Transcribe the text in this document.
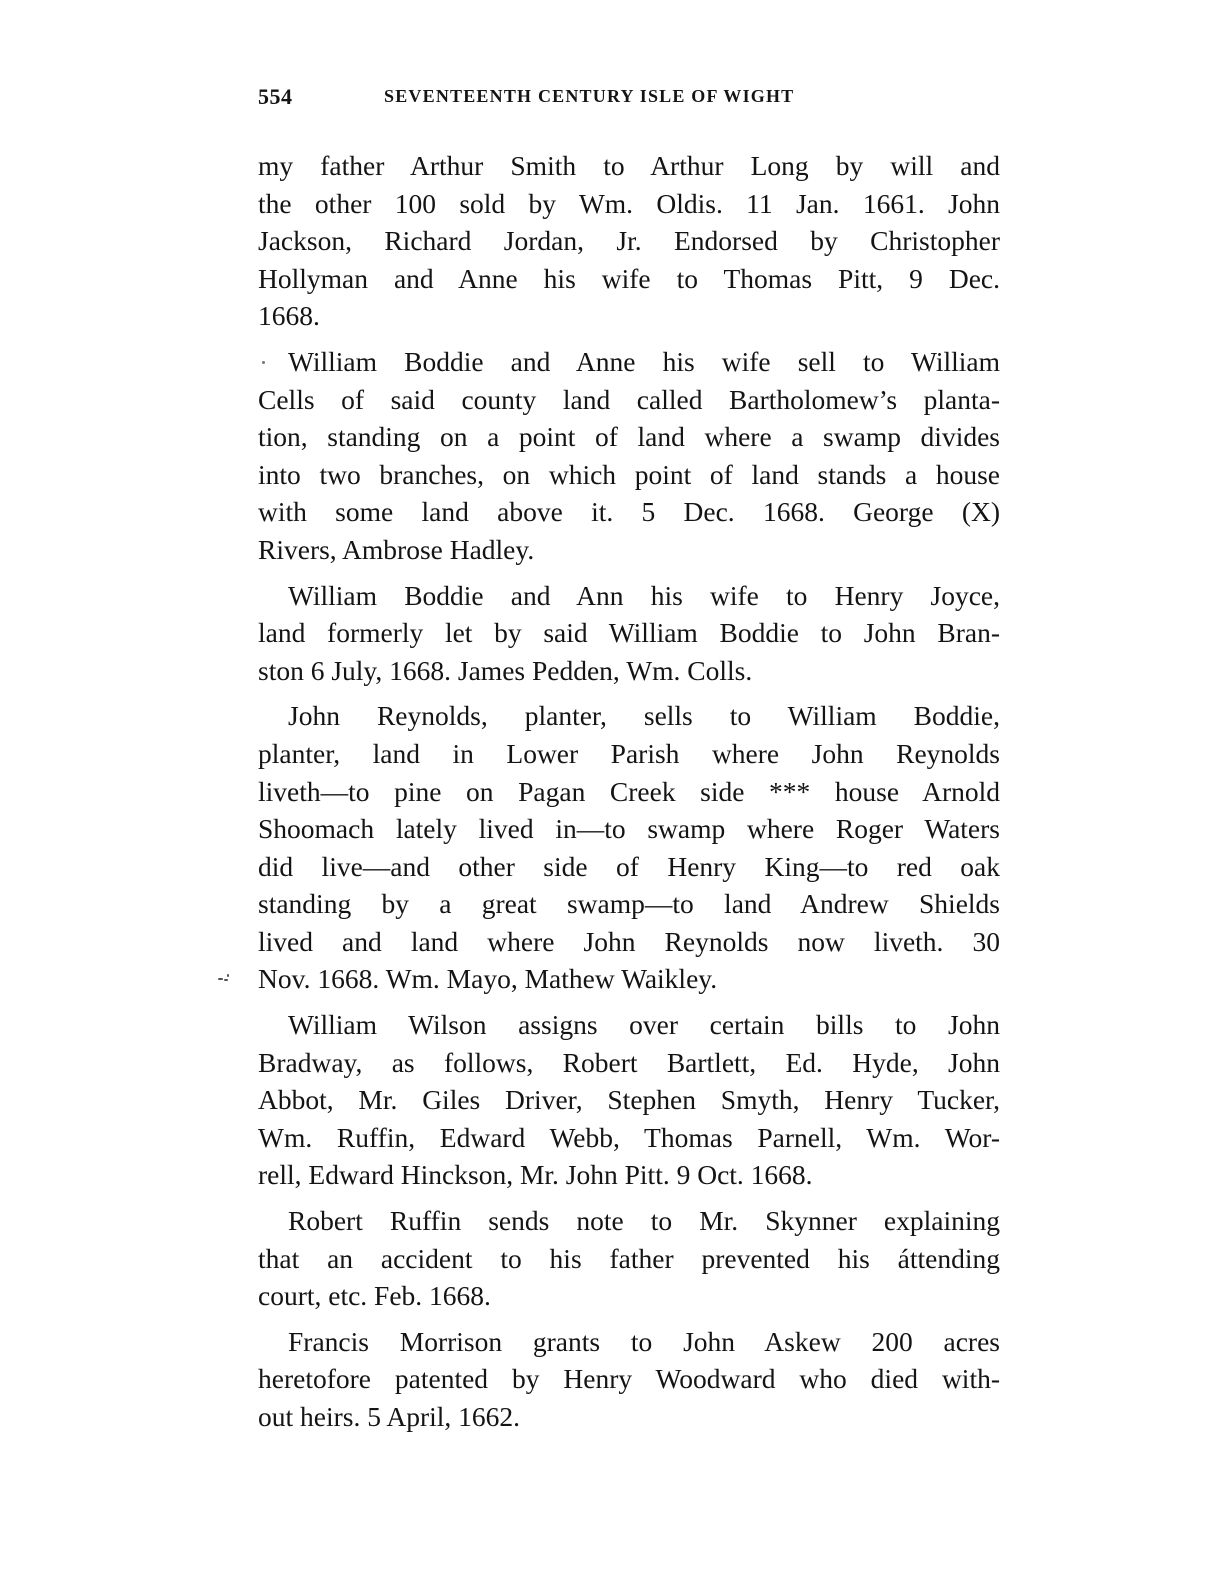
554	SEVENTEENTH CENTURY ISLE OF WIGHT
my father Arthur Smith to Arthur Long by will and
the other 100 sold by Wm. Oldis. 11 Jan. 1661. John
Jackson, Richard Jordan, Jr. Endorsed by Christopher
Hollyman and Anne his wife to Thomas Pitt, 9 Dec.
1668.
William Boddie and Anne his wife sell to William
Cells of said county land called Bartholomew’s planta-
tion, standing on a point of land where a swamp divides
into two branches, on which point of land stands a house
with some land above it. 5 Dec. 1668. George (X)
Rivers, Ambrose Hadley.
William Boddie and Ann his wife to Henry Joyce,
land formerly let by said William Boddie to John Bran-
ston 6 July, 1668. James Pedden, Wm. Colls.
John Reynolds, planter, sells to William Boddie,
planter, land in Lower Parish where John Reynolds
liveth—to pine on Pagan Creek side *** house Arnold
Shoomach lately lived in—to swamp where Roger Waters
did live—and other side of Henry King—to red oak
standing by a great swamp—to land Andrew Shields
lived and land where John Reynolds now liveth. 30
Nov. 1668. Wm. Mayo, Mathew Waikley.
William Wilson assigns over certain bills to John
Bradway, as follows, Robert Bartlett, Ed. Hyde, John
Abbot, Mr. Giles Driver, Stephen Smyth, Henry Tucker,
Wm. Ruffin, Edward Webb, Thomas Parnell, Wm. Wor-
rell, Edward Hinckson, Mr. John Pitt. 9 Oct. 1668.
Robert Ruffin sends note to Mr. Skynner explaining
that an accident to his father prevented his áttending
court, etc. Feb. 1668.
Francis Morrison grants to John Askew 200 acres
heretofore patented by Henry Woodward who died with-
out heirs. 5 April, 1662.
